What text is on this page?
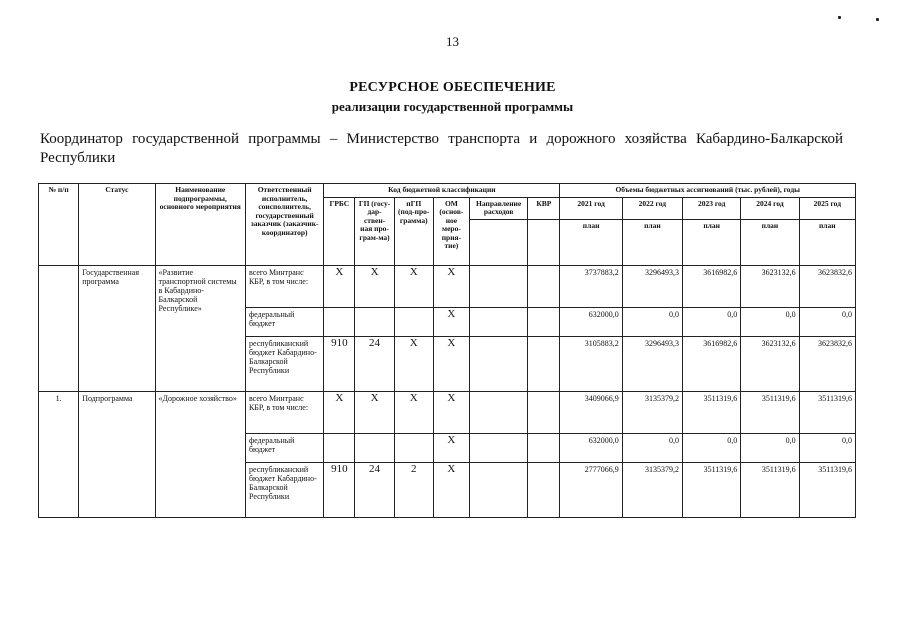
13
РЕСУРСНОЕ ОБЕСПЕЧЕНИЕ
реализации государственной программы
Координатор государственной программы – Министерство транспорта и дорожного хозяйства Кабардино-Балкарской Республики
№ п/п	Статус	Наименование подпрограммы, основного мероприятия	Ответственный исполнитель, соисполнитель, государственный заказчик (заказчик-координатор)	Код бюджетной классификации						Объемы бюджетных ассигнований (тыс. рублей), годы				
				ГРБС	ГП (госу-дар-ствен-ная про-грам-ма)	пГП (под-про-грамма)	ОМ (основ-ное меро-прия-тие)	Направление расходов	КВР	2021 год	2022 год	2023 год	2024 год	2025 год
										план	план	план	план	план
	Государственная программа	«Развитие транспортной системы в Кабардино-Балкарской Республике»	всего Минтранс КБР, в том числе:	Х	Х	Х	Х			3737883,2	3296493,3	3616982,6	3623132,6	3623832,6
			федеральный бюджет				Х			632000,0	0,0	0,0	0,0	0,0
			республиканский бюджет Кабардино-Балкарской Республики	910	24	Х	Х			3105883,2	3296493,3	3616982,6	3623132,6	3623832,6
1.	Подпрограмма	«Дорожное хозяйство»	всего Минтранс КБР, в том числе:	Х	Х	Х	Х			3409066,9	3135379,2	3511319,6	3511319,6	3511319,6
			федеральный бюджет				Х			632000,0	0,0	0,0	0,0	0,0
			республиканский бюджет Кабардино-Балкарской Республики	910	24	2	Х			2777066,9	3135379,2	3511319,6	3511319,6	3511319,6
